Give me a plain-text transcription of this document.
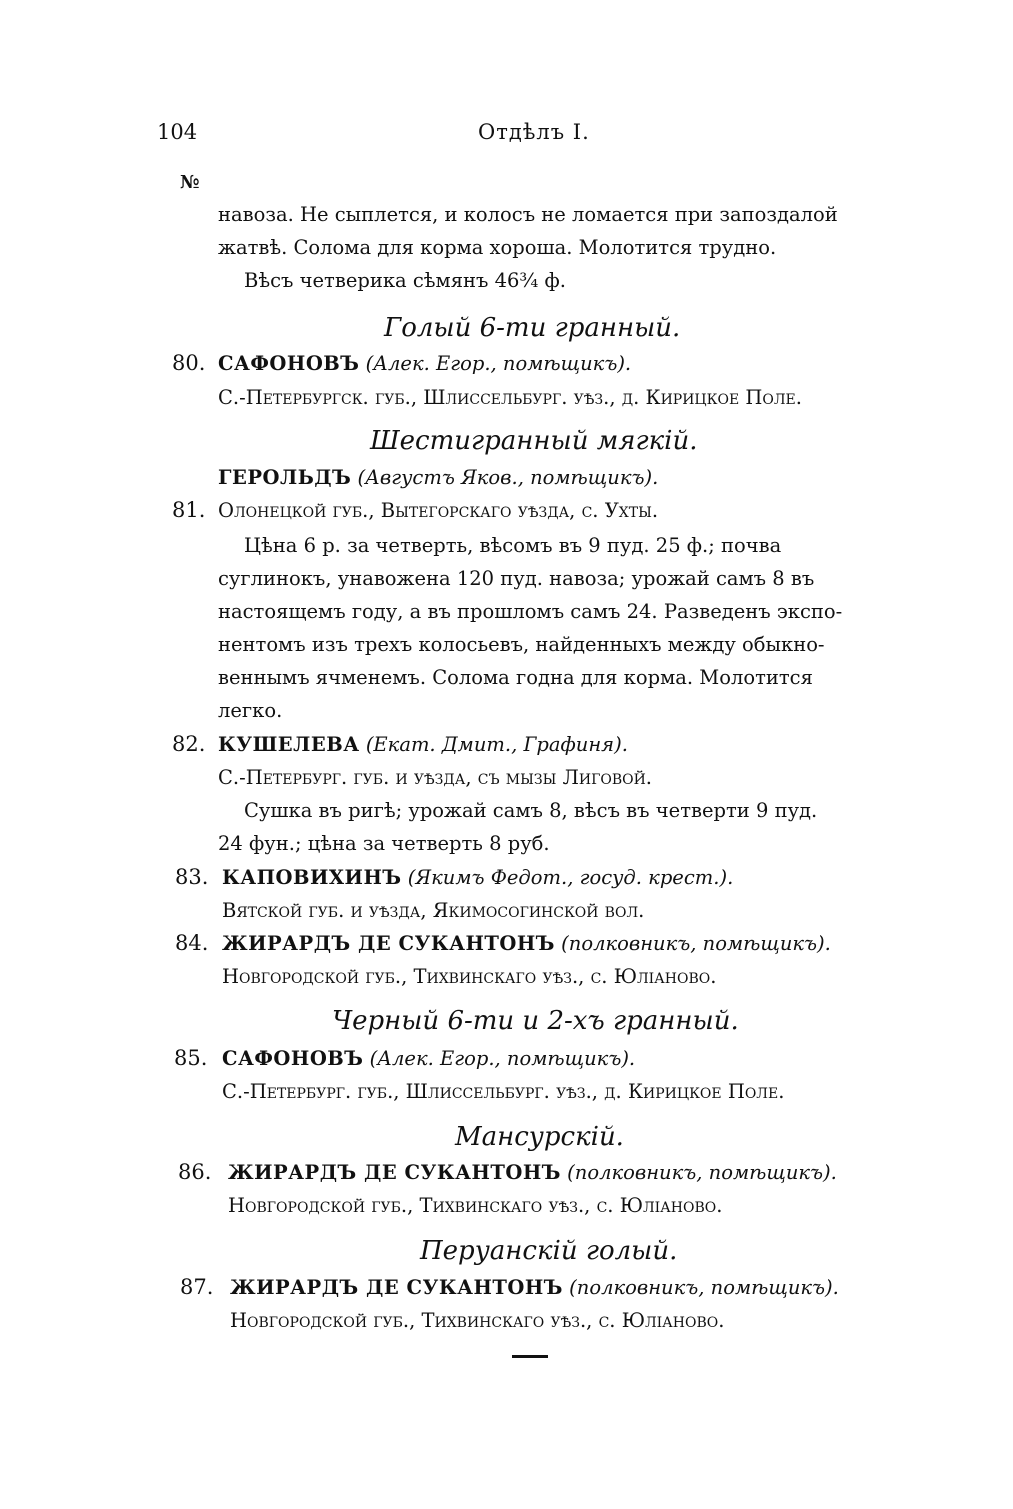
104	Отдѣлъ I.
№
навоза. Не сыплется, и колосъ не ломается при запоздалой
жатвѣ. Солома для корма хороша. Молотится трудно.
Вѣсъ четверика сѣмянъ 46¾ ф.
Голый 6-ти гранный.
80. САФОНОВЪ (Алек. Егор., помѣщикъ).
С.-Петербургск. губ., Шлиссельбург. уѣз., д. Кирицкое Поле.
Шестигранный мягкій.
ГЕРОЛЬДЪ (Августъ Яков., помѣщикъ).
81. Олонецкой губ., Вытегорскаго уѣзда, с. Ухты.
Цѣна 6 р. за четверть, вѣсомъ въ 9 пуд. 25 ф.; почва
суглинокъ, унавожена 120 пуд. навоза; урожай самъ 8 въ
настоящемъ году, а въ прошломъ самъ 24. Разведенъ экспо-
нентомъ изъ трехъ колосьевъ, найденныхъ между обыкно-
веннымъ ячменемъ. Солома годна для корма. Молотится
легко.
82. КУШЕЛЕВА (Екат. Дмит., Графиня).
С.-Петербург. губ. и уѣзда, съ мызы Лиговой.
Сушка въ ригѣ; урожай самъ 8, вѣсъ въ четверти 9 пуд.
24 фун.; цѣна за четверть 8 руб.
83. КАПОВИХИНЪ (Якимъ Федот., госуд. крест.).
Вятской губ. и уѣзда, Якимосогинской вол.
84. ЖИРАРДЪ ДЕ СУКАНТОНЪ (полковникъ, помѣщикъ).
Новгородской губ., Тихвинскаго уѣз., с. Юлiаново.
Черный 6-ти и 2-хъ гранный.
85. САФОНОВЪ (Алек. Егор., помѣщикъ).
С.-Петербург. губ., Шлиссельбург. уѣз., д. Кирицкое Поле.
Мансурскій.
86. ЖИРАРДЪ ДЕ СУКАНТОНЪ (полковникъ, помѣщикъ).
Новгородской губ., Тихвинскаго уѣз., с. Юлiаново.
Перуанскій голый.
87. ЖИРАРДЪ ДЕ СУКАНТОНЪ (полковникъ, помѣщикъ).
Новгородской губ., Тихвинскаго уѣз., с. Юлiаново.
